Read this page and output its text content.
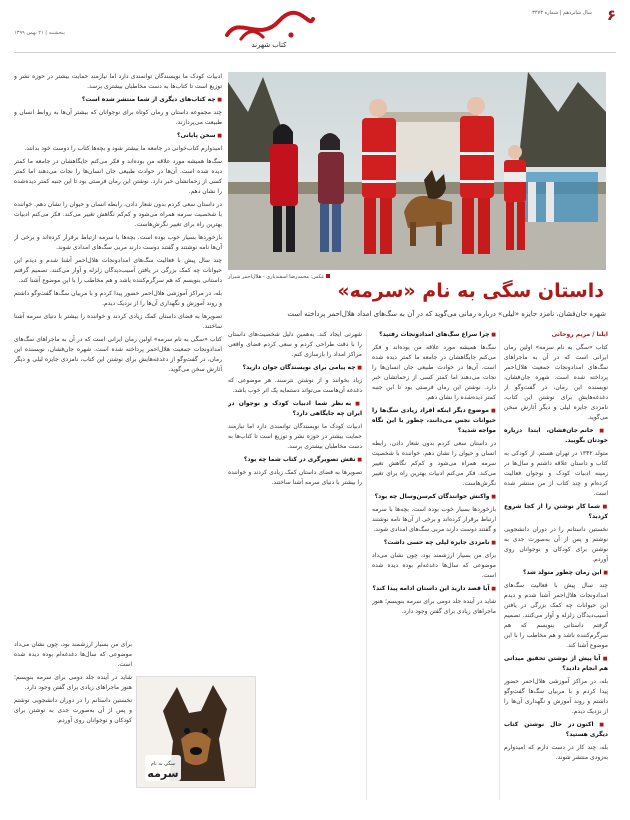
۶
سال شانزدهم | شماره ۳۴۷۳
کتاب شهرند
پنجشنبه | ۲۱ بهمن ۱۳۹۹
عکس: محمدرضا اسفندیاری - هلال‌احمر شیراز
داستان سگی به نام «سرمه»

شهره جان‌فشان، نامزد جایزه «لیلی» درباره رمانی می‌گوید که در آن به سگ‌های امداد هلال‌احمر پرداخته است

ایلنا / مریم روحانی

کتاب «سگی به نام سرمه» اولین رمان ایرانی است که در آن به ماجراهای سگ‌های امدادونجات جمعیت هلال‌احمر پرداخته شده است. شهره جان‌فشان، نویسنده این رمان، در گفت‌وگو از دغدغه‌هایش برای نوشتن این کتاب، نامزدی جایزه لیلی و دیگر آثارش سخن می‌گوید.

■ خانم جان‌فشان، ابتدا درباره خودتان بگویید.

متولد ۱۳۴۲ در تهران هستم. از کودکی به کتاب و داستان علاقه داشتم و سال‌ها در زمینه ادبیات کودک و نوجوان فعالیت کرده‌ام و چند کتاب از من منتشر شده است.

■ شما کار نوشتن را از کجا شروع کردید؟

نخستین داستانم را در دوران دانشجویی نوشتم و پس از آن به‌صورت جدی به نوشتن برای کودکان و نوجوانان روی آوردم.

■ این رمان چطور متولد شد؟

چند سال پیش با فعالیت سگ‌های امدادونجات هلال‌احمر آشنا شدم و دیدم این حیوانات چه کمک بزرگی در یافتن آسیب‌دیدگان زلزله و آوار می‌کنند. تصمیم گرفتم داستانی بنویسم که هم سرگرم‌کننده باشد و هم مخاطب را با این موضوع آشنا کند.

■ آیا پیش از نوشتن تحقیق میدانی هم انجام دادید؟

بله، در مراکز آموزشی هلال‌احمر حضور پیدا کردم و با مربیان سگ‌ها گفت‌وگو داشتم و روند آموزش و نگهداری آن‌ها را از نزدیک دیدم.

■ اکنون در حال نوشتن کتاب دیگری هستید؟

بله، چند کار در دست دارم که امیدوارم به‌زودی منتشر شوند.

■ چرا سراغ سگ‌های امدادونجات رفتید؟

سگ‌ها همیشه مورد علاقه من بوده‌اند و فکر می‌کنم جایگاهشان در جامعه ما کمتر دیده شده است. آن‌ها در حوادث طبیعی جان انسان‌ها را نجات می‌دهند اما کمتر کسی از زحماتشان خبر دارد. نوشتن این رمان فرصتی بود تا این جنبه کمتر دیده‌شده را نشان دهم.

■ موضوع دیگر اینکه افراد زیادی سگ‌ها را حیوانات نجس می‌دانند، چطور با این نگاه مواجه شدید؟

در داستان سعی کردم بدون شعار دادن، رابطه انسان و حیوان را نشان دهم. خواننده با شخصیت سرمه همراه می‌شود و کم‌کم نگاهش تغییر می‌کند. فکر می‌کنم ادبیات بهترین راه برای تغییر نگرش‌هاست.

■ واکنش خوانندگان کم‌سن‌وسال چه بود؟

بازخوردها بسیار خوب بوده است. بچه‌ها با سرمه ارتباط برقرار کرده‌اند و برخی از آن‌ها نامه نوشتند و گفتند دوست دارند مربی سگ‌های امدادی شوند.

■ نامزدی جایزه لیلی چه حسی داشت؟

برای من بسیار ارزشمند بود، چون نشان می‌داد موضوعی که سال‌ها دغدغه‌ام بوده دیده شده است.

■ آیا قصد دارید این داستان ادامه پیدا کند؟

شاید در آینده جلد دومی برای سرمه بنویسم؛ هنوز ماجراهای زیادی برای گفتن وجود دارد.

شهرتی ایجاد کند. به‌همین دلیل شخصیت‌های داستان را با دقت طراحی کردم و سعی کردم فضای واقعی مراکز امداد را بازسازی کنم.

■ چه پیامی برای نویسندگان جوان دارید؟

زیاد بخوانند و از نوشتن نترسند. هر موضوعی که دغدغه آن‌هاست می‌تواند دستمایه یک اثر خوب باشد.

■ به نظر شما ادبیات کودک و نوجوان در ایران چه جایگاهی دارد؟

ادبیات کودک ما نویسندگان توانمندی دارد اما نیازمند حمایت بیشتر در حوزه نشر و توزیع است تا کتاب‌ها به دست مخاطبان بیشتری برسد.

■ نقش تصویرگری در کتاب شما چه بود؟

تصویرها به فضای داستان کمک زیادی کردند و خواننده را بیشتر با دنیای سرمه آشنا ساختند.

ادبیات کودک ما نویسندگان توانمندی دارد اما نیازمند حمایت بیشتر در حوزه نشر و توزیع است تا کتاب‌ها به دست مخاطبان بیشتری برسد.

■ چه کتاب‌های دیگری از شما منتشر شده است؟

چند مجموعه داستان و رمان کوتاه برای نوجوانان که بیشتر آن‌ها به روابط انسان و طبیعت می‌پردازند.

■ سخن پایانی؟

امیدوارم کتاب‌خوانی در جامعه ما بیشتر شود و بچه‌ها کتاب را دوست خود بدانند.

سگ‌ها همیشه مورد علاقه من بوده‌اند و فکر می‌کنم جایگاهشان در جامعه ما کمتر دیده شده است. آن‌ها در حوادث طبیعی جان انسان‌ها را نجات می‌دهند اما کمتر کسی از زحماتشان خبر دارد. نوشتن این رمان فرصتی بود تا این جنبه کمتر دیده‌شده را نشان دهم.

در داستان سعی کردم بدون شعار دادن، رابطه انسان و حیوان را نشان دهم. خواننده با شخصیت سرمه همراه می‌شود و کم‌کم نگاهش تغییر می‌کند. فکر می‌کنم ادبیات بهترین راه برای تغییر نگرش‌هاست.

بازخوردها بسیار خوب بوده است. بچه‌ها با سرمه ارتباط برقرار کرده‌اند و برخی از آن‌ها نامه نوشتند و گفتند دوست دارند مربی سگ‌های امدادی شوند.

چند سال پیش با فعالیت سگ‌های امدادونجات هلال‌احمر آشنا شدم و دیدم این حیوانات چه کمک بزرگی در یافتن آسیب‌دیدگان زلزله و آوار می‌کنند. تصمیم گرفتم داستانی بنویسم که هم سرگرم‌کننده باشد و هم مخاطب را با این موضوع آشنا کند.

بله، در مراکز آموزشی هلال‌احمر حضور پیدا کردم و با مربیان سگ‌ها گفت‌وگو داشتم و روند آموزش و نگهداری آن‌ها را از نزدیک دیدم.

تصویرها به فضای داستان کمک زیادی کردند و خواننده را بیشتر با دنیای سرمه آشنا ساختند.

کتاب «سگی به نام سرمه» اولین رمان ایرانی است که در آن به ماجراهای سگ‌های امدادونجات جمعیت هلال‌احمر پرداخته شده است. شهره جان‌فشان، نویسنده این رمان، در گفت‌وگو از دغدغه‌هایش برای نوشتن این کتاب، نامزدی جایزه لیلی و دیگر آثارش سخن می‌گوید.

برای من بسیار ارزشمند بود، چون نشان می‌داد موضوعی که سال‌ها دغدغه‌ام بوده دیده شده است.

شاید در آینده جلد دومی برای سرمه بنویسم؛ هنوز ماجراهای زیادی برای گفتن وجود دارد.

نخستین داستانم را در دوران دانشجویی نوشتم و پس از آن به‌صورت جدی به نوشتن برای کودکان و نوجوانان روی آوردم.

سگی به نام
سرمه
